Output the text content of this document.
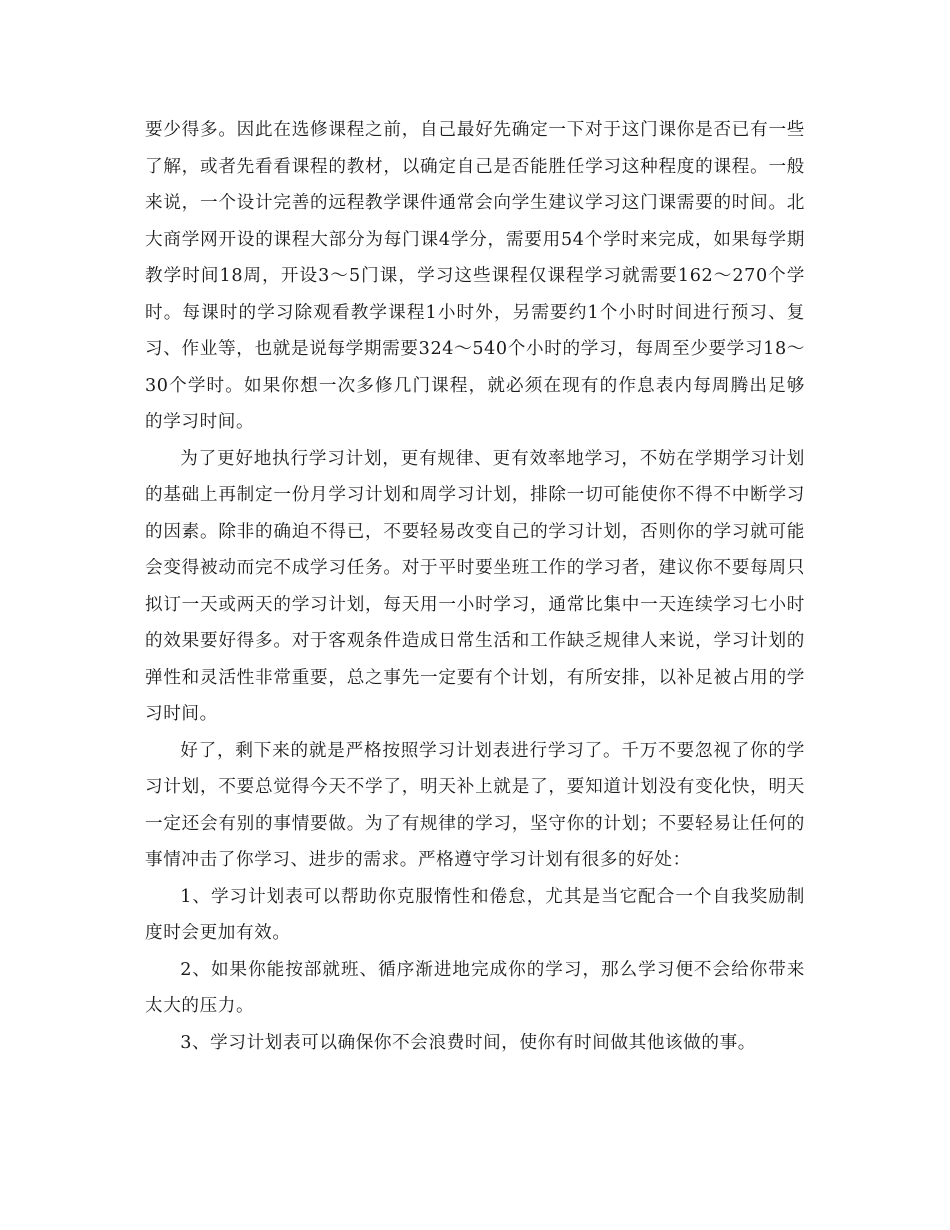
要少得多。因此在选修课程之前，自己最好先确定一下对于这门课你是否已有一些了解，或者先看看课程的教材，以确定自己是否能胜任学习这种程度的课程。一般来说，一个设计完善的远程教学课件通常会向学生建议学习这门课需要的时间。北大商学网开设的课程大部分为每门课4学分，需要用54个学时来完成，如果每学期教学时间18周，开设3～5门课，学习这些课程仅课程学习就需要162～270个学时。每课时的学习除观看教学课程1小时外，另需要约1个小时时间进行预习、复习、作业等，也就是说每学期需要324～540个小时的学习，每周至少要学习18～30个学时。如果你想一次多修几门课程，就必须在现有的作息表内每周腾出足够的学习时间。

为了更好地执行学习计划，更有规律、更有效率地学习，不妨在学期学习计划的基础上再制定一份月学习计划和周学习计划，排除一切可能使你不得不中断学习的因素。除非的确迫不得已，不要轻易改变自己的学习计划，否则你的学习就可能会变得被动而完不成学习任务。对于平时要坐班工作的学习者，建议你不要每周只拟订一天或两天的学习计划，每天用一小时学习，通常比集中一天连续学习七小时的效果要好得多。对于客观条件造成日常生活和工作缺乏规律人来说，学习计划的弹性和灵活性非常重要，总之事先一定要有个计划，有所安排，以补足被占用的学习时间。

好了，剩下来的就是严格按照学习计划表进行学习了。千万不要忽视了你的学习计划，不要总觉得今天不学了，明天补上就是了，要知道计划没有变化快，明天一定还会有别的事情要做。为了有规律的学习，坚守你的计划；不要轻易让任何的事情冲击了你学习、进步的需求。严格遵守学习计划有很多的好处：

1、学习计划表可以帮助你克服惰性和倦怠，尤其是当它配合一个自我奖励制度时会更加有效。

2、如果你能按部就班、循序渐进地完成你的学习，那么学习便不会给你带来太大的压力。

3、学习计划表可以确保你不会浪费时间，使你有时间做其他该做的事。
